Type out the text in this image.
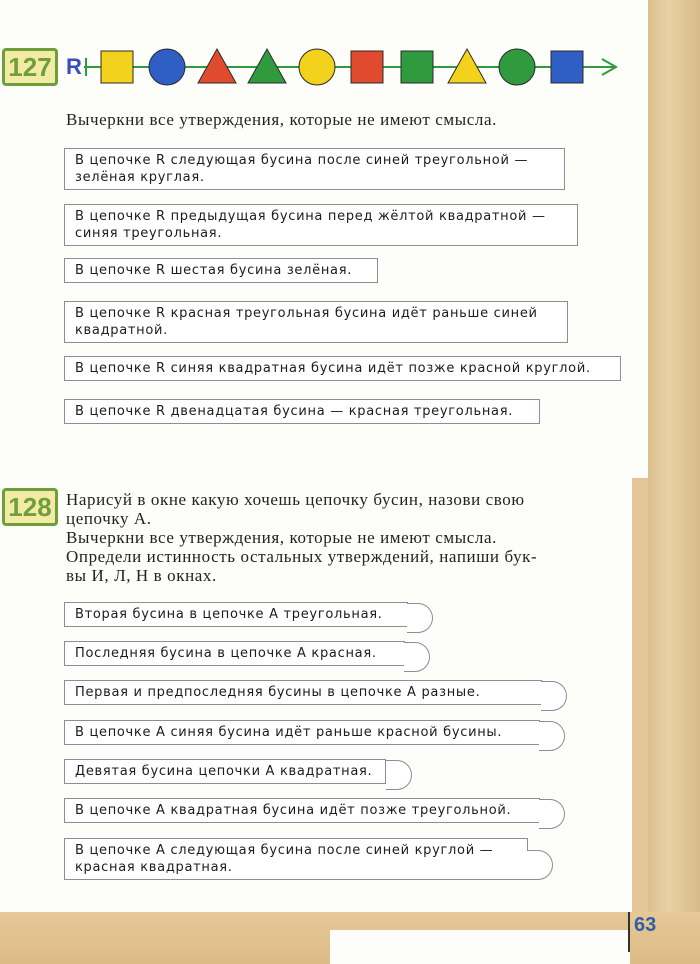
127 R

Вычеркни все утверждения, которые не имеют смысла.

В цепочке R следующая бусина после синей треугольной —
зелёная круглая.
В цепочке R предыдущая бусина перед жёлтой квадратной —
синяя треугольная.
В цепочке R шестая бусина зелёная.
В цепочке R красная треугольная бусина идёт раньше синей
квадратной.
В цепочке R синяя квадратная бусина идёт позже красной круглой.
В цепочке R двенадцатая бусина — красная треугольная.
128 Нарисуй в окне какую хочешь цепочку бусин, назови свою
цепочку А.
Вычеркни все утверждения, которые не имеют смысла.
Определи истинность остальных утверждений, напиши бук-
вы И, Л, Н в окнах.
Вторая бусина в цепочке А треугольная.
Последняя бусина в цепочке А красная.
Первая и предпоследняя бусины в цепочке А разные.
В цепочке А синяя бусина идёт раньше красной бусины.
Девятая бусина цепочки А квадратная.
В цепочке А квадратная бусина идёт позже треугольной.
В цепочке А следующая бусина после синей круглой —
красная квадратная.
63
